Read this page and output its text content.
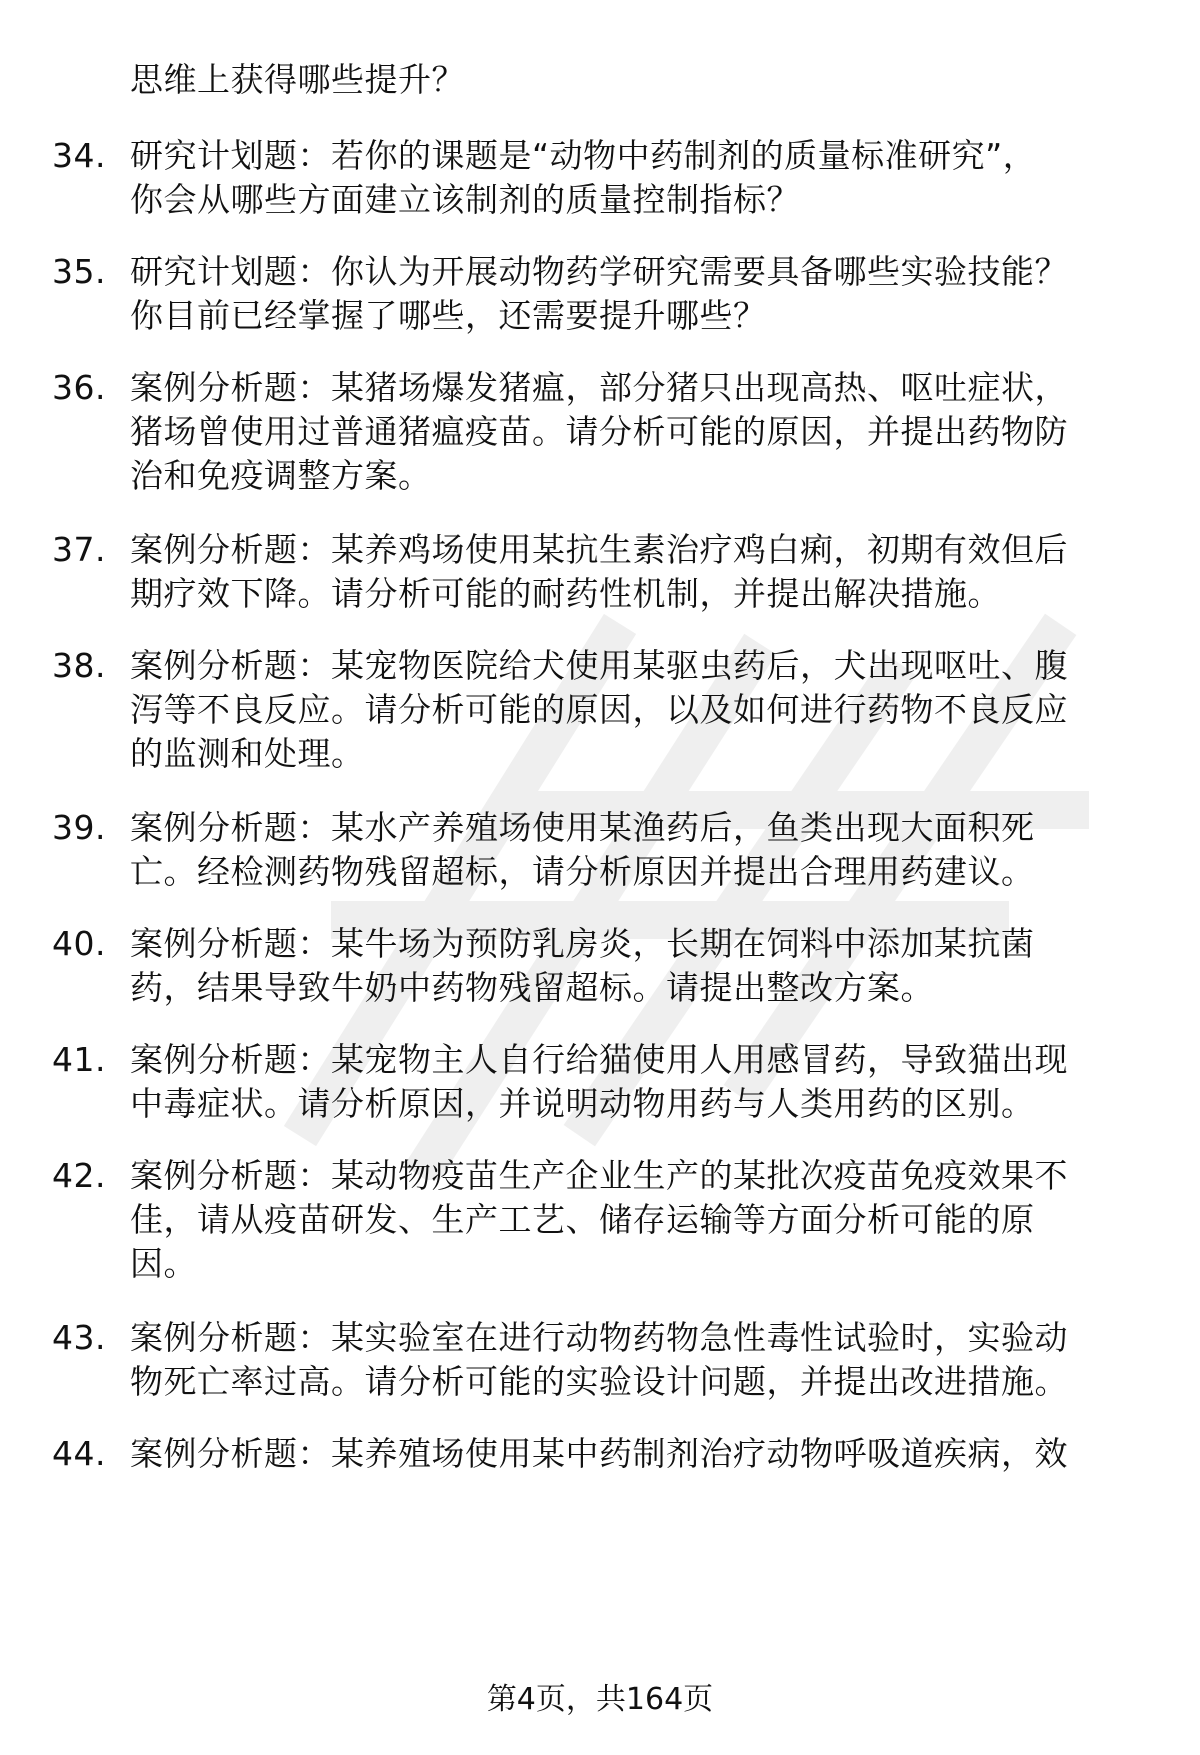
思维上获得哪些提升？
34. 研究计划题：若你的课题是“动物中药制剂的质量标准研究”，
你会从哪些方面建立该制剂的质量控制指标？
35. 研究计划题：你认为开展动物药学研究需要具备哪些实验技能？
你目前已经掌握了哪些，还需要提升哪些？
36. 案例分析题：某猪场爆发猪瘟，部分猪只出现高热、呕吐症状，
猪场曾使用过普通猪瘟疫苗。请分析可能的原因，并提出药物防
治和免疫调整方案。
37. 案例分析题：某养鸡场使用某抗生素治疗鸡白痢，初期有效但后
期疗效下降。请分析可能的耐药性机制，并提出解决措施。
38. 案例分析题：某宠物医院给犬使用某驱虫药后，犬出现呕吐、腹
泻等不良反应。请分析可能的原因，以及如何进行药物不良反应
的监测和处理。
39. 案例分析题：某水产养殖场使用某渔药后，鱼类出现大面积死
亡。经检测药物残留超标，请分析原因并提出合理用药建议。
40. 案例分析题：某牛场为预防乳房炎，长期在饲料中添加某抗菌
药，结果导致牛奶中药物残留超标。请提出整改方案。
41. 案例分析题：某宠物主人自行给猫使用人用感冒药，导致猫出现
中毒症状。请分析原因，并说明动物用药与人类用药的区别。
42. 案例分析题：某动物疫苗生产企业生产的某批次疫苗免疫效果不
佳，请从疫苗研发、生产工艺、储存运输等方面分析可能的原
因。
43. 案例分析题：某实验室在进行动物药物急性毒性试验时，实验动
物死亡率过高。请分析可能的实验设计问题，并提出改进措施。
44. 案例分析题：某养殖场使用某中药制剂治疗动物呼吸道疾病，效
第4页，共164页
